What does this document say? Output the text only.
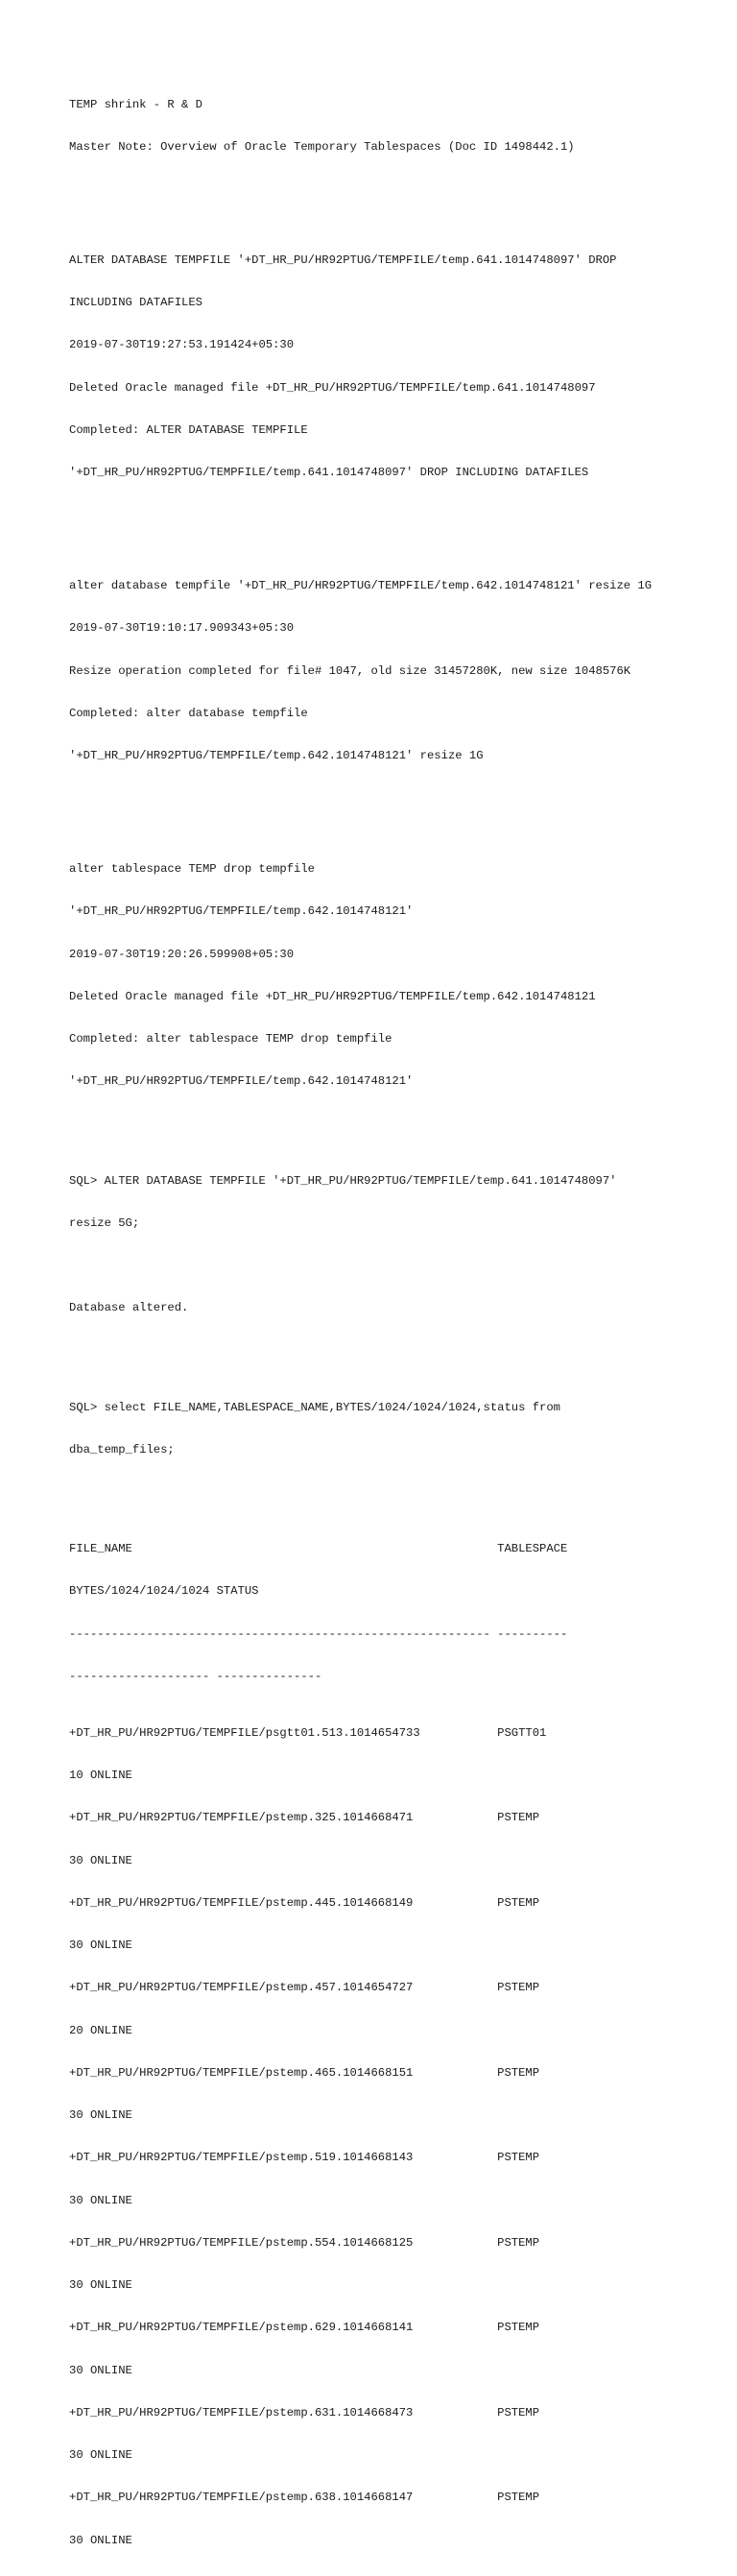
TEMP shrink - R & D

Master Note: Overview of Oracle Temporary Tablespaces (Doc ID 1498442.1)

ALTER DATABASE TEMPFILE '+DT_HR_PU/HR92PTUG/TEMPFILE/temp.641.1014748097' DROP

INCLUDING DATAFILES

2019-07-30T19:27:53.191424+05:30

Deleted Oracle managed file +DT_HR_PU/HR92PTUG/TEMPFILE/temp.641.1014748097

Completed: ALTER DATABASE TEMPFILE

'+DT_HR_PU/HR92PTUG/TEMPFILE/temp.641.1014748097' DROP INCLUDING DATAFILES

alter database tempfile '+DT_HR_PU/HR92PTUG/TEMPFILE/temp.642.1014748121' resize 1G

2019-07-30T19:10:17.909343+05:30

Resize operation completed for file# 1047, old size 31457280K, new size 1048576K

Completed: alter database tempfile

'+DT_HR_PU/HR92PTUG/TEMPFILE/temp.642.1014748121' resize 1G

alter tablespace TEMP drop tempfile

'+DT_HR_PU/HR92PTUG/TEMPFILE/temp.642.1014748121'

2019-07-30T19:20:26.599908+05:30

Deleted Oracle managed file +DT_HR_PU/HR92PTUG/TEMPFILE/temp.642.1014748121

Completed: alter tablespace TEMP drop tempfile

'+DT_HR_PU/HR92PTUG/TEMPFILE/temp.642.1014748121'

SQL> ALTER DATABASE TEMPFILE '+DT_HR_PU/HR92PTUG/TEMPFILE/temp.641.1014748097'

resize 5G;

Database altered.

SQL> select FILE_NAME,TABLESPACE_NAME,BYTES/1024/1024/1024,status from

dba_temp_files;

FILE_NAME                                                    TABLESPACE

BYTES/1024/1024/1024 STATUS

------------------------------------------------------------ ----------

-------------------- ---------------

+DT_HR_PU/HR92PTUG/TEMPFILE/psgtt01.513.1014654733           PSGTT01

10 ONLINE

+DT_HR_PU/HR92PTUG/TEMPFILE/pstemp.325.1014668471            PSTEMP

30 ONLINE

+DT_HR_PU/HR92PTUG/TEMPFILE/pstemp.445.1014668149            PSTEMP

30 ONLINE

+DT_HR_PU/HR92PTUG/TEMPFILE/pstemp.457.1014654727            PSTEMP

20 ONLINE

+DT_HR_PU/HR92PTUG/TEMPFILE/pstemp.465.1014668151            PSTEMP

30 ONLINE

+DT_HR_PU/HR92PTUG/TEMPFILE/pstemp.519.1014668143            PSTEMP

30 ONLINE

+DT_HR_PU/HR92PTUG/TEMPFILE/pstemp.554.1014668125            PSTEMP

30 ONLINE

+DT_HR_PU/HR92PTUG/TEMPFILE/pstemp.629.1014668141            PSTEMP

30 ONLINE

+DT_HR_PU/HR92PTUG/TEMPFILE/pstemp.631.1014668473            PSTEMP

30 ONLINE

+DT_HR_PU/HR92PTUG/TEMPFILE/pstemp.638.1014668147            PSTEMP

30 ONLINE
